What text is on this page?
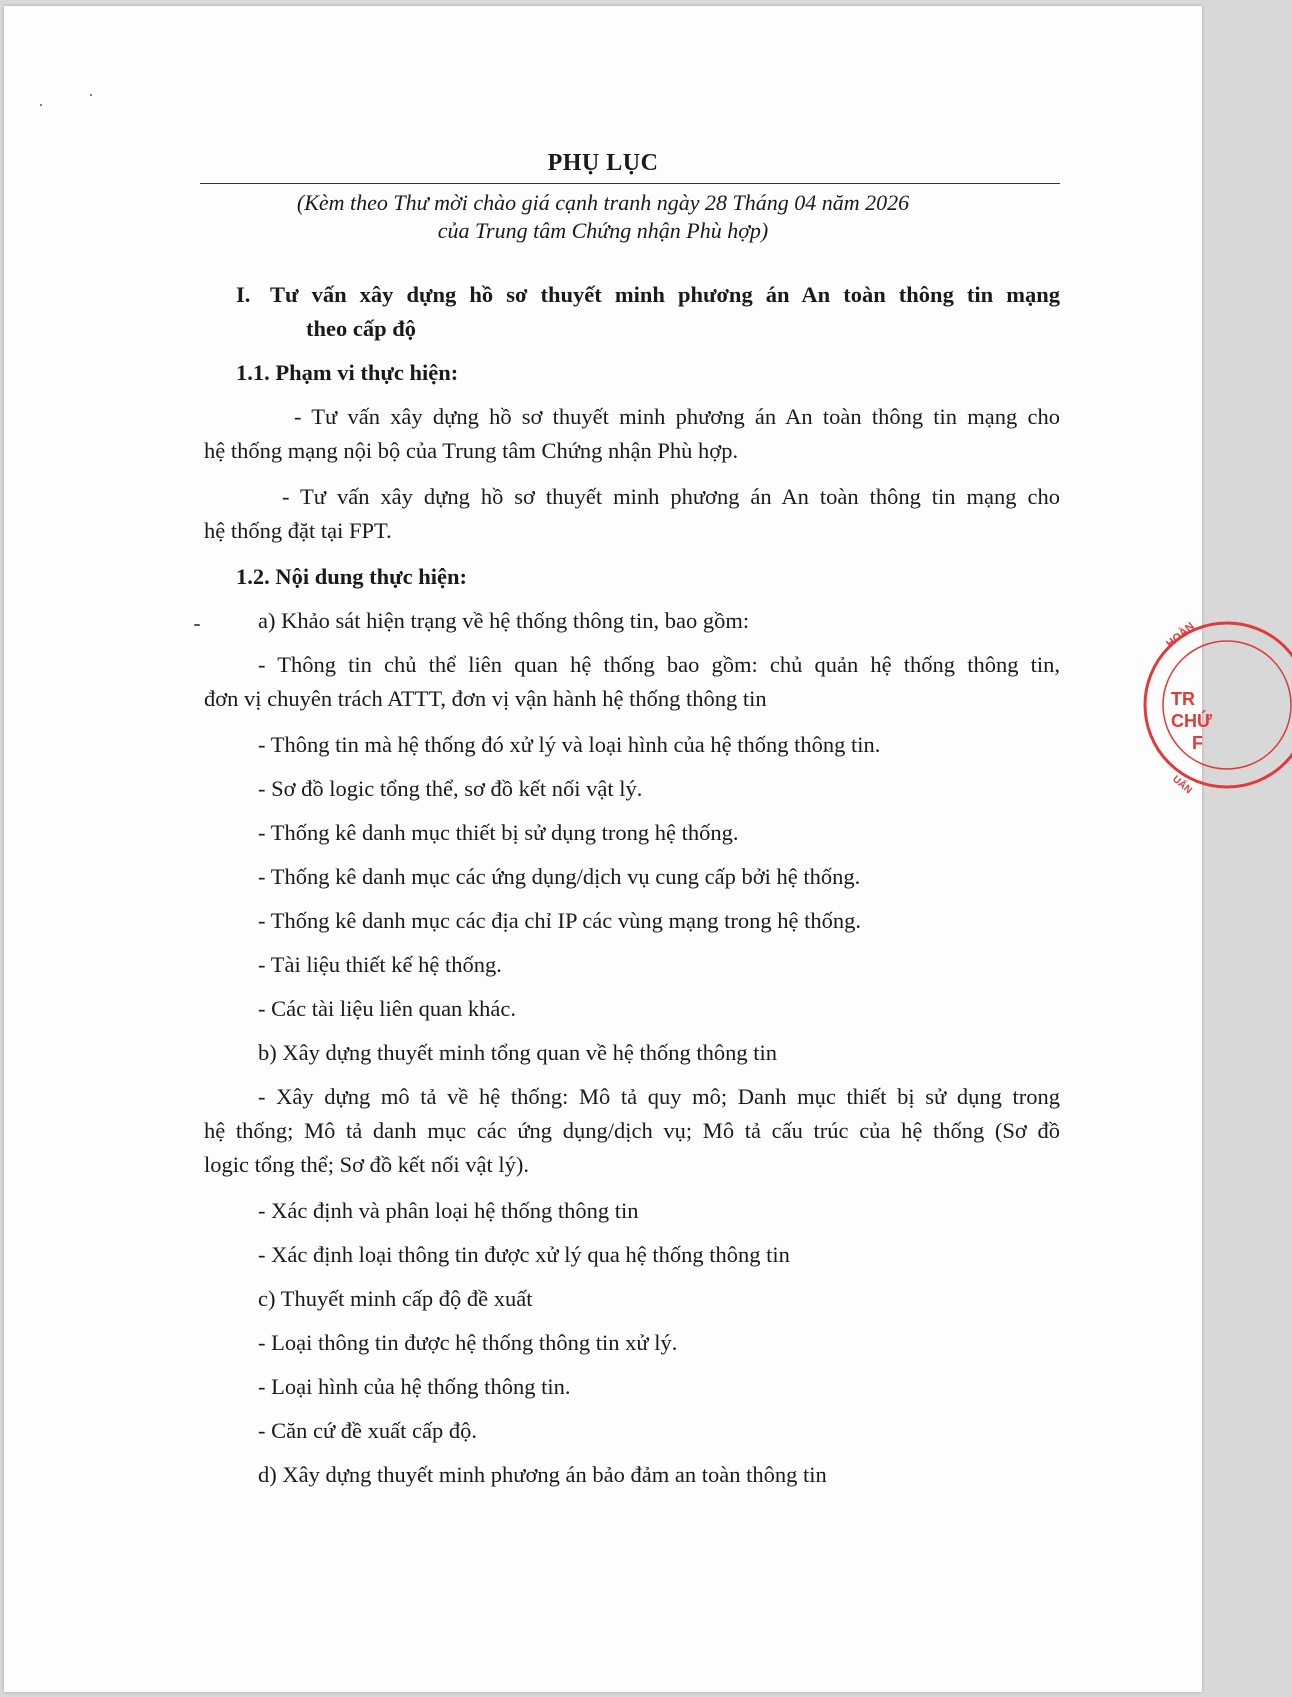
PHỤ LỤC
(Kèm theo Thư mời chào giá cạnh tranh ngày 28 Tháng 04 năm 2026
của Trung tâm Chứng nhận Phù hợp)
I. Tư vấn xây dựng hồ sơ thuyết minh phương án An toàn thông tin mạng
theo cấp độ
1.1. Phạm vi thực hiện:
- Tư vấn xây dựng hồ sơ thuyết minh phương án An toàn thông tin mạng cho
hệ thống mạng nội bộ của Trung tâm Chứng nhận Phù hợp.
- Tư vấn xây dựng hồ sơ thuyết minh phương án An toàn thông tin mạng cho
hệ thống đặt tại FPT.
1.2. Nội dung thực hiện:
a) Khảo sát hiện trạng về hệ thống thông tin, bao gồm:
- Thông tin chủ thể liên quan hệ thống bao gồm: chủ quản hệ thống thông tin,
đơn vị chuyên trách ATTT, đơn vị vận hành hệ thống thông tin
- Thông tin mà hệ thống đó xử lý và loại hình của hệ thống thông tin.
- Sơ đồ logic tổng thể, sơ đồ kết nối vật lý.
- Thống kê danh mục thiết bị sử dụng trong hệ thống.
- Thống kê danh mục các ứng dụng/dịch vụ cung cấp bởi hệ thống.
- Thống kê danh mục các địa chỉ IP các vùng mạng trong hệ thống.
- Tài liệu thiết kế hệ thống.
- Các tài liệu liên quan khác.
b) Xây dựng thuyết minh tổng quan về hệ thống thông tin
- Xây dựng mô tả về hệ thống: Mô tả quy mô; Danh mục thiết bị sử dụng trong
hệ thống; Mô tả danh mục các ứng dụng/dịch vụ; Mô tả cấu trúc của hệ thống (Sơ đồ
logic tổng thể; Sơ đồ kết nối vật lý).
- Xác định và phân loại hệ thống thông tin
- Xác định loại thông tin được xử lý qua hệ thống thông tin
c) Thuyết minh cấp độ đề xuất
- Loại thông tin được hệ thống thông tin xử lý.
- Loại hình của hệ thống thông tin.
- Căn cứ đề xuất cấp độ.
d) Xây dựng thuyết minh phương án bảo đảm an toàn thông tin
HOÀN
TR
CHỨ
F
UẨN
